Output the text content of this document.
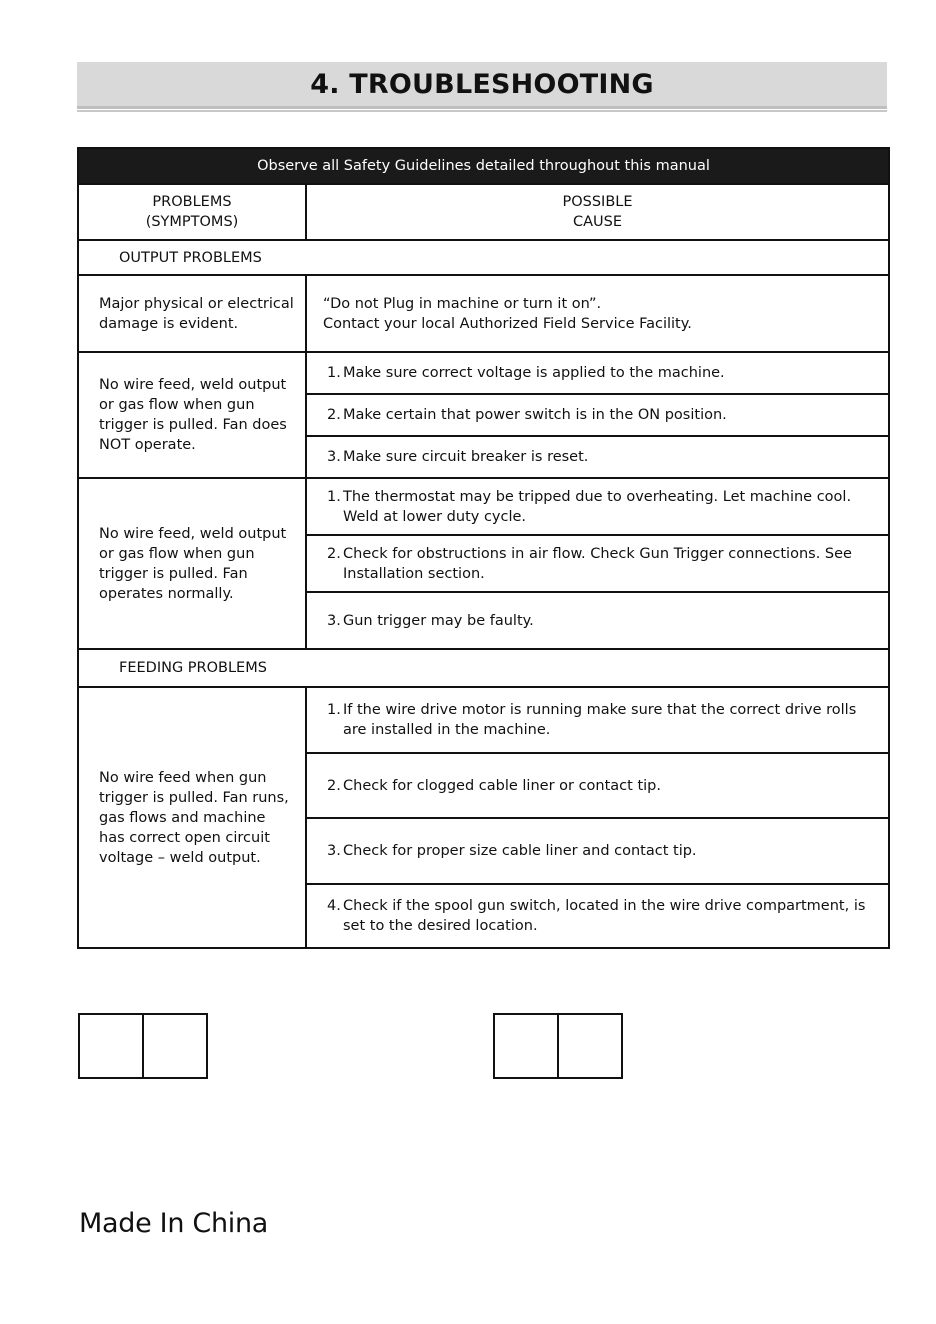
4. TROUBLESHOOTING
Observe all Safety Guidelines detailed throughout this manual	
PROBLEMS
(SYMPTOMS)	POSSIBLE
CAUSE
OUTPUT PROBLEMS	
Major physical or electrical
damage is evident.	“Do not Plug in machine or turn it on”.
Contact your local Authorized Field Service Facility.
No wire feed, weld output
or gas flow when gun
trigger is pulled. Fan does
NOT operate.	1. Make sure correct voltage is applied to the machine.
	2. Make certain that power switch is in the ON position.
	3. Make sure circuit breaker is reset.
No wire feed, weld output
or gas flow when gun
trigger is pulled. Fan
operates normally.	1. The thermostat may be tripped due to overheating. Let machine cool.
Weld at lower duty cycle.

	2. Check for obstructions in air flow. Check Gun Trigger connections. See
Installation section.

	3. Gun trigger may be faulty.
FEEDING PROBLEMS	
No wire feed when gun
trigger is pulled. Fan runs,
gas flows and machine
has correct open circuit
voltage – weld output.	1. If the wire drive motor is running make sure that the correct drive rolls
are installed in the machine.

	2. Check for clogged cable liner or contact tip.
	3. Check for proper size cable liner and contact tip.
	4. Check if the spool gun switch, located in the wire drive compartment, is
set to the desired location.

Made In China
